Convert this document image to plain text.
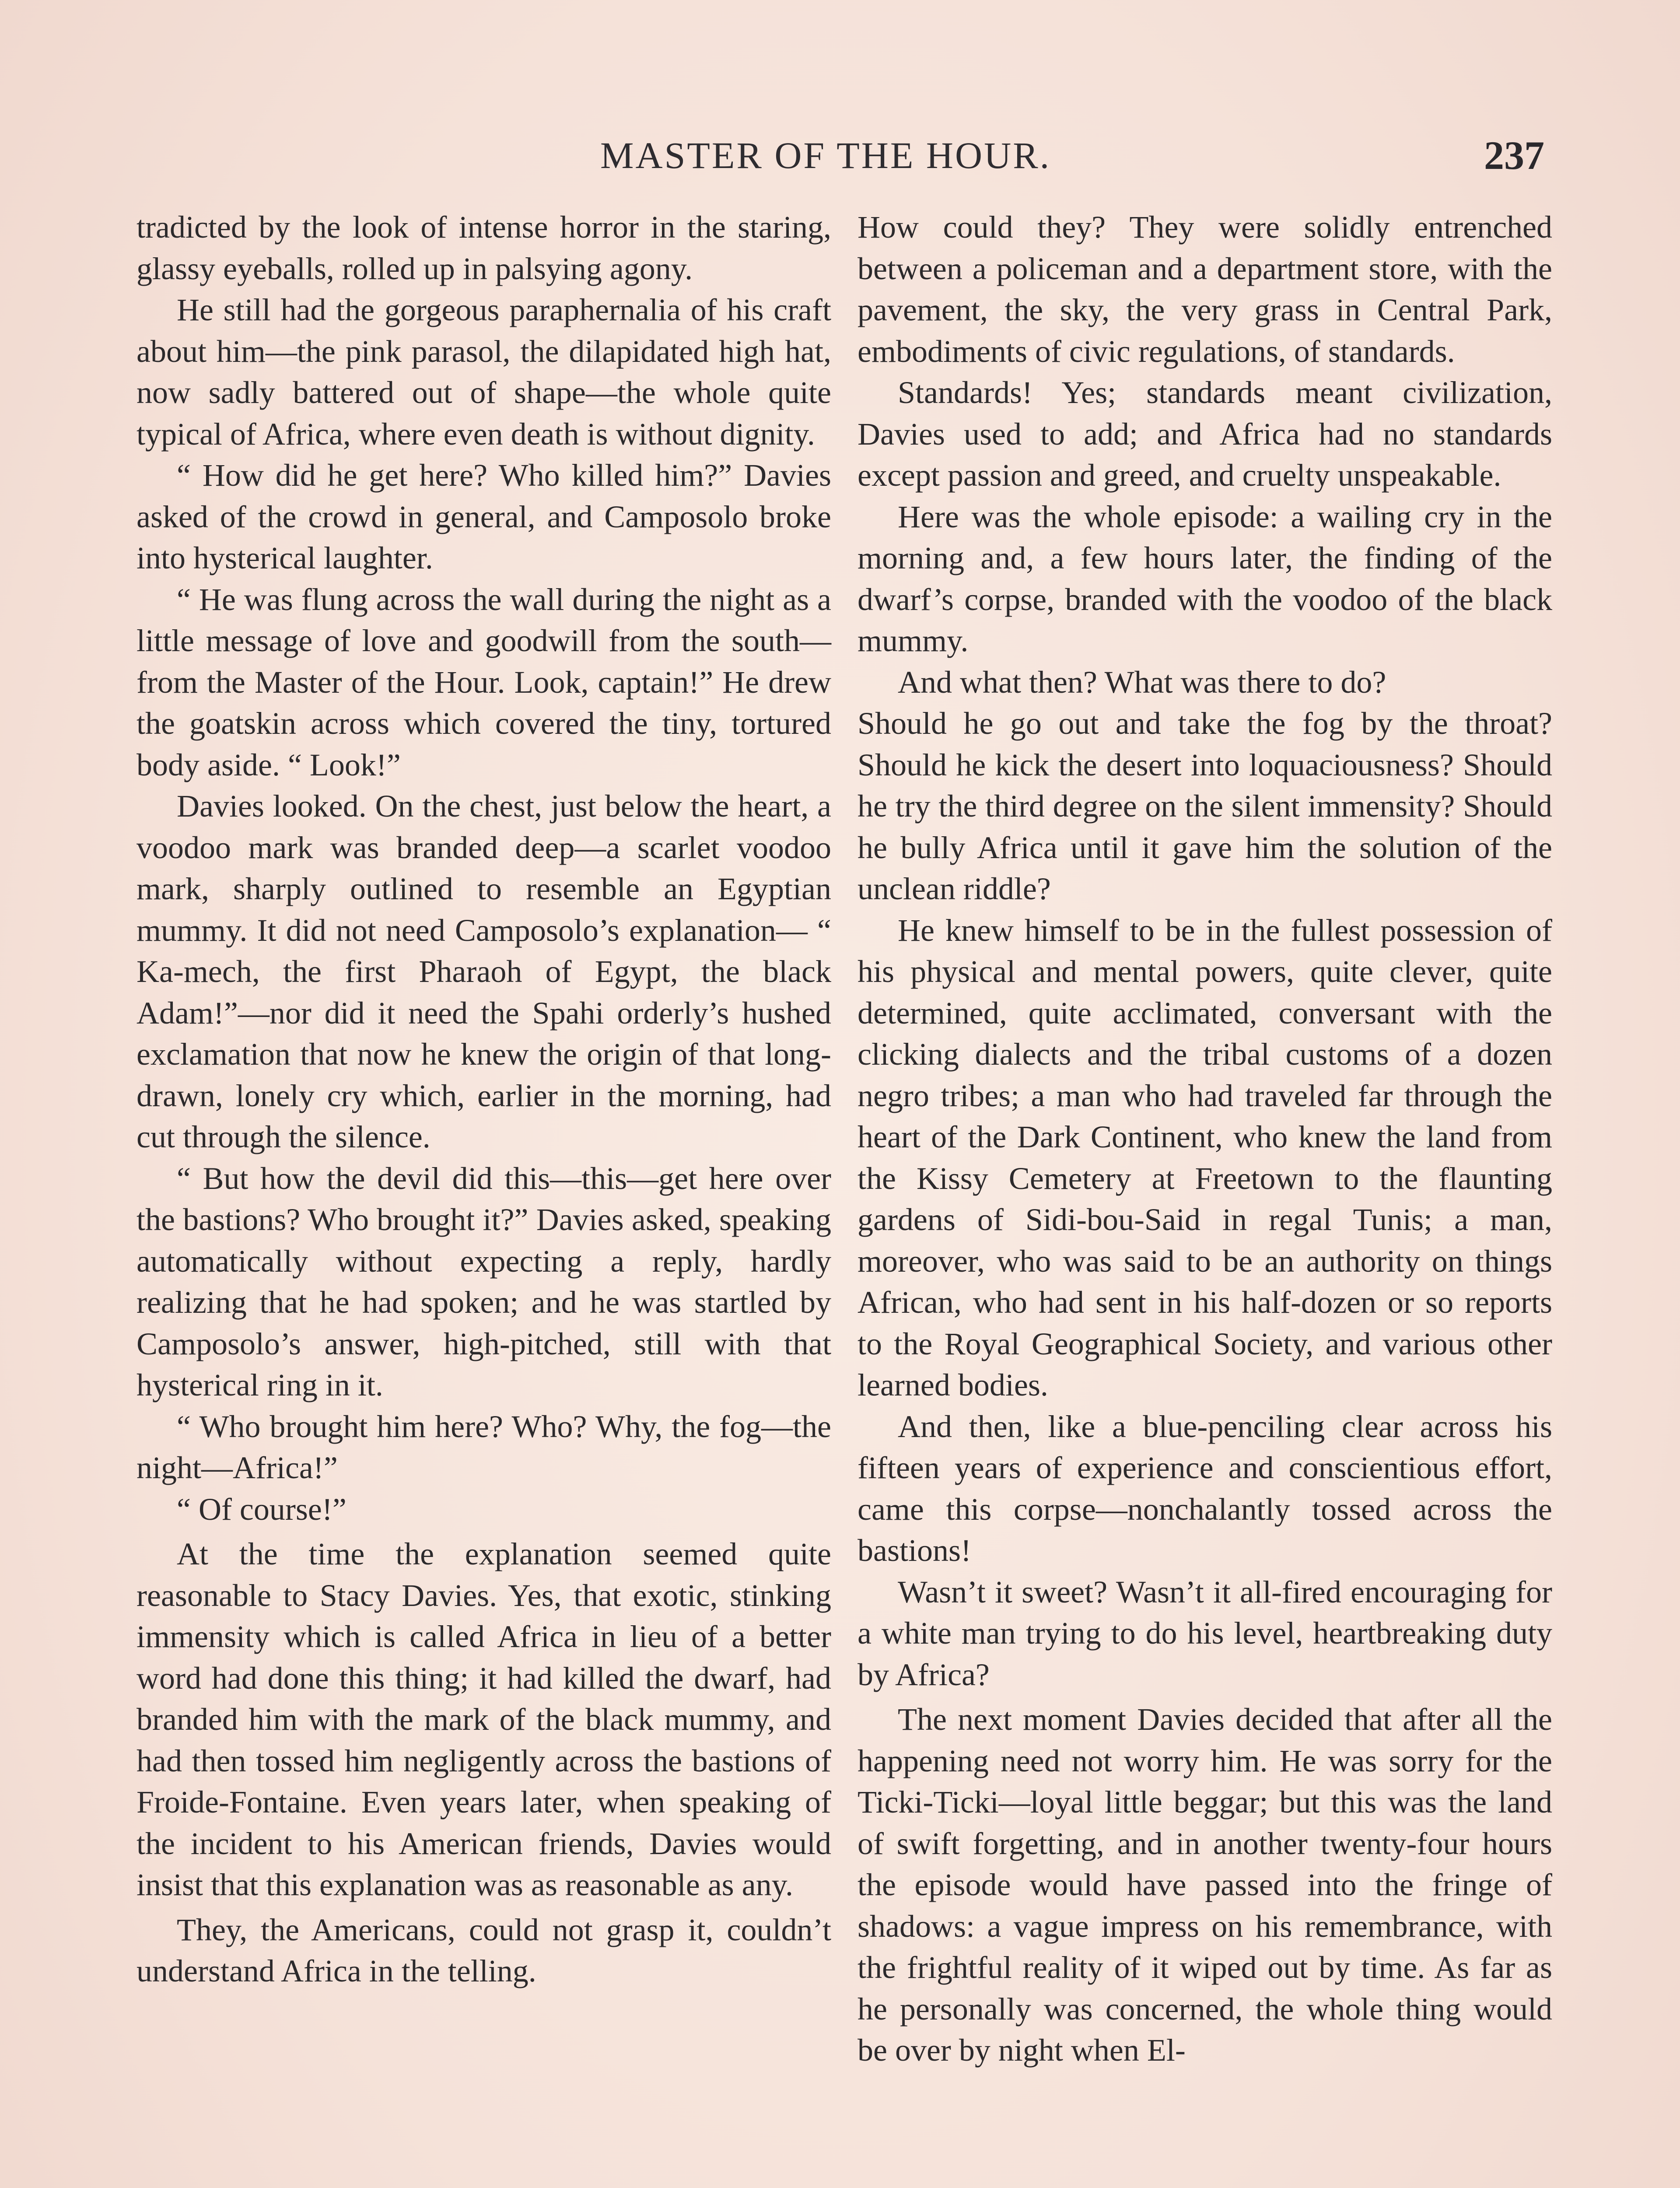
MASTER OF THE HOUR.	237

tradicted by the look of intense horror in the staring, glassy eyeballs, rolled up in palsying agony.

He still had the gorgeous paraphernalia of his craft about him—the pink parasol, the dilapidated high hat, now sadly battered out of shape—the whole quite typical of Africa, where even death is without dignity.

“ How did he get here? Who killed him?” Davies asked of the crowd in general, and Camposolo broke into hysterical laughter.

“ He was flung across the wall during the night as a little message of love and goodwill from the south—from the Master of the Hour. Look, captain!” He drew the goatskin across which covered the tiny, tortured body aside. “ Look!”

Davies looked. On the chest, just below the heart, a voodoo mark was branded deep—a scarlet voodoo mark, sharply outlined to resemble an Egyptian mummy. It did not need Camposolo’s explanation— “ Ka-mech, the first Pharaoh of Egypt, the black Adam!”—nor did it need the Spahi orderly’s hushed exclamation that now he knew the origin of that long-drawn, lonely cry which, earlier in the morning, had cut through the silence.

“ But how the devil did this—this—get here over the bastions? Who brought it?” Davies asked, speaking automatically without expecting a reply, hardly realizing that he had spoken; and he was startled by Camposolo’s answer, high-pitched, still with that hysterical ring in it.

“ Who brought him here? Who? Why, the fog—the night—Africa!”

“ Of course!”

At the time the explanation seemed quite reasonable to Stacy Davies. Yes, that exotic, stinking immensity which is called Africa in lieu of a better word had done this thing; it had killed the dwarf, had branded him with the mark of the black mummy, and had then tossed him negligently across the bastions of Froide-Fontaine. Even years later, when speaking of the incident to his American friends, Davies would insist that this explanation was as reasonable as any.

They, the Americans, could not grasp it, couldn’t understand Africa in the telling.

How could they? They were solidly entrenched between a policeman and a department store, with the pavement, the sky, the very grass in Central Park, embodiments of civic regulations, of standards.

Standards! Yes; standards meant civilization, Davies used to add; and Africa had no standards except passion and greed, and cruelty unspeakable.

Here was the whole episode: a wailing cry in the morning and, a few hours later, the finding of the dwarf’s corpse, branded with the voodoo of the black mummy.

And what then? What was there to do?

Should he go out and take the fog by the throat? Should he kick the desert into loquaciousness? Should he try the third degree on the silent immensity? Should he bully Africa until it gave him the solution of the unclean riddle?

He knew himself to be in the fullest possession of his physical and mental powers, quite clever, quite determined, quite acclimated, conversant with the clicking dialects and the tribal customs of a dozen negro tribes; a man who had traveled far through the heart of the Dark Continent, who knew the land from the Kissy Cemetery at Freetown to the flaunting gardens of Sidi-bou-Said in regal Tunis; a man, moreover, who was said to be an authority on things African, who had sent in his half-dozen or so reports to the Royal Geographical Society, and various other learned bodies.

And then, like a blue-penciling clear across his fifteen years of experience and conscientious effort, came this corpse—nonchalantly tossed across the bastions!

Wasn’t it sweet? Wasn’t it all-fired encouraging for a white man trying to do his level, heartbreaking duty by Africa?

The next moment Davies decided that after all the happening need not worry him. He was sorry for the Ticki-Ticki—loyal little beggar; but this was the land of swift forgetting, and in another twenty-four hours the episode would have passed into the fringe of shadows: a vague impress on his remembrance, with the frightful reality of it wiped out by time. As far as he personally was concerned, the whole thing would be over by night when El-
